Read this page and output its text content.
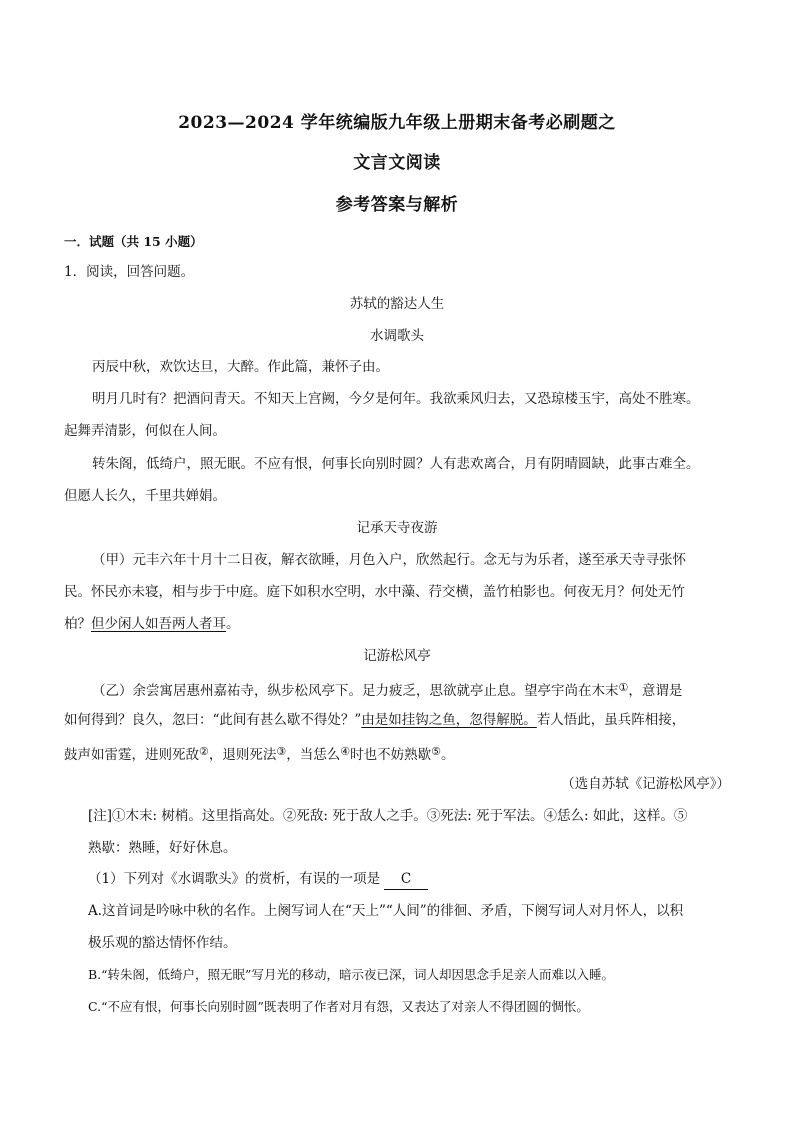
2023—2024 学年统编版九年级上册期末备考必刷题之
文言文阅读
参考答案与解析
一．试题（共 15 小题）
1．阅读，回答问题。
苏轼的豁达人生
水调歌头
丙辰中秋，欢饮达旦，大醉。作此篇，兼怀子由。
明月几时有？把酒问青天。不知天上宫阙，今夕是何年。我欲乘风归去，又恐琼楼玉宇，高处不胜寒。
起舞弄清影，何似在人间。
转朱阁，低绮户，照无眠。不应有恨，何事长向别时圆？人有悲欢离合，月有阴晴圆缺，此事古难全。
但愿人长久，千里共婵娟。
记承天寺夜游
（甲）元丰六年十月十二日夜，解衣欲睡，月色入户，欣然起行。念无与为乐者，遂至承天寺寻张怀
民。怀民亦未寝，相与步于中庭。庭下如积水空明，水中藻、荇交横，盖竹柏影也。何夜无月？何处无竹
柏？但少闲人如吾两人者耳。
记游松风亭
（乙）余尝寓居惠州嘉祐寺，纵步松风亭下。足力疲乏，思欲就亭止息。望亭宇尚在木末①，意谓是
如何得到？良久，忽曰：“此间有甚么歇不得处？”由是如挂钩之鱼，忽得解脱。若人悟此，虽兵阵相接，
鼓声如雷霆，进则死敌②，退则死法③，当恁么④时也不妨熟歇⑤。
（选自苏轼《记游松风亭》）
[注]①木末: 树梢。这里指高处。②死敌: 死于敌人之手。③死法: 死于军法。④恁么: 如此，这样。⑤
熟歇：熟睡，好好休息。
（1）下列对《水调歌头》的赏析，有误的一项是 C
A.这首词是吟咏中秋的名作。上阕写词人在“天上”“人间”的徘徊、矛盾，下阕写词人对月怀人，以积
极乐观的豁达情怀作结。
B.“转朱阁，低绮户，照无眠”写月光的移动，暗示夜已深，词人却因思念手足亲人而难以入睡。
C.“不应有恨，何事长向别时圆”既表明了作者对月有怨，又表达了对亲人不得团圆的惆怅。
